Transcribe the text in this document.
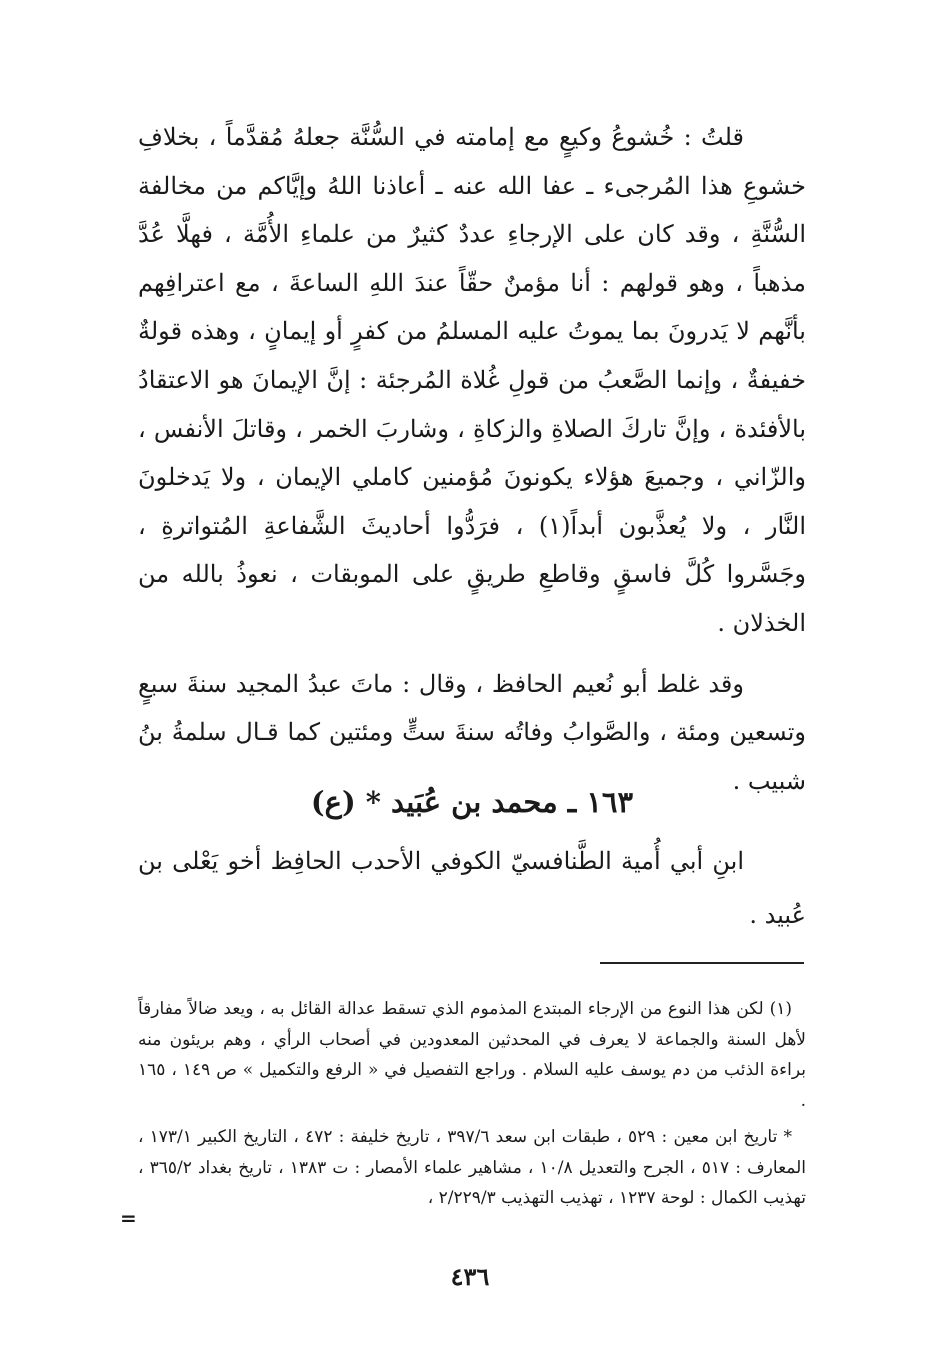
قلتُ : خُشوعُ وكيعٍ مع إمامته في السُّنَّة جعلهُ مُقدَّماً ، بخلافِ خشوعِ هذا المُرجىء ـ عفا الله عنه ـ أعاذنا اللهُ وإيَّاكم من مخالفة السُّنَّةِ ، وقد كان على الإرجاءِ عددٌ كثيرٌ من علماءِ الأُمَّة ، فهلَّا عُدَّ مذهباً ، وهو قولهم : أنا مؤمنٌ حقّاً عندَ اللهِ الساعةَ ، مع اعترافِهم بأنَّهم لا يَدرونَ بما يموتُ عليه المسلمُ من كفرٍ أو إيمانٍ ، وهذه قولةٌ خفيفةٌ ، وإنما الصَّعبُ من قولِ غُلاة المُرجئة : إنَّ الإيمانَ هو الاعتقادُ بالأفئدة ، وإنَّ تاركَ الصلاةِ والزكاةِ ، وشاربَ الخمر ، وقاتلَ الأنفس ، والزّاني ، وجميعَ هؤلاء يكونونَ مُؤمنين كاملي الإيمان ، ولا يَدخلونَ النَّار ، ولا يُعذَّبون أبداً(١) ، فرَدُّوا أحاديثَ الشَّفاعةِ المُتواترةِ ، وجَسَّروا كُلَّ فاسقٍ وقاطعِ طريقٍ على الموبقات ، نعوذُ بالله من الخذلان .

وقد غلط أبو نُعيم الحافظ ، وقال : ماتَ عبدُ المجيد سنةَ سبعٍ وتسعين ومئة ، والصَّوابُ وفاتُه سنةَ ستٍّ ومئتين كما قـال سلمةُ بنُ شبيب .

١٦٣ ـ محمد بن عُبَيد * (ع)

ابنِ أبي أُمية الطَّنافسيّ الكوفي الأحدب الحافِظ أخو يَعْلى بن عُبيد .

(١) لكن هذا النوع من الإرجاء المبتدع المذموم الذي تسقط عدالة القائل به ، ويعد ضالاً مفارقاً لأهل السنة والجماعة لا يعرف في المحدثين المعدودين في أصحاب الرأي ، وهم بريئون منه براءة الذئب من دم يوسف عليه السلام . وراجع التفصيل في « الرفع والتكميل » ص ١٤٩ ، ١٦٥ .

* تاريخ ابن معين : ٥٢٩ ، طبقات ابن سعد ٣٩٧/٦ ، تاريخ خليفة : ٤٧٢ ، التاريخ الكبير ١٧٣/١ ، المعارف : ٥١٧ ، الجرح والتعديل ١٠/٨ ، مشاهير علماء الأمصار : ت ١٣٨٣ ، تاريخ بغداد ٣٦٥/٢ ، تهذيب الكمال : لوحة ١٢٣٧ ، تهذيب التهذيب ٢/٢٢٩/٣ ،

=
٤٣٦
